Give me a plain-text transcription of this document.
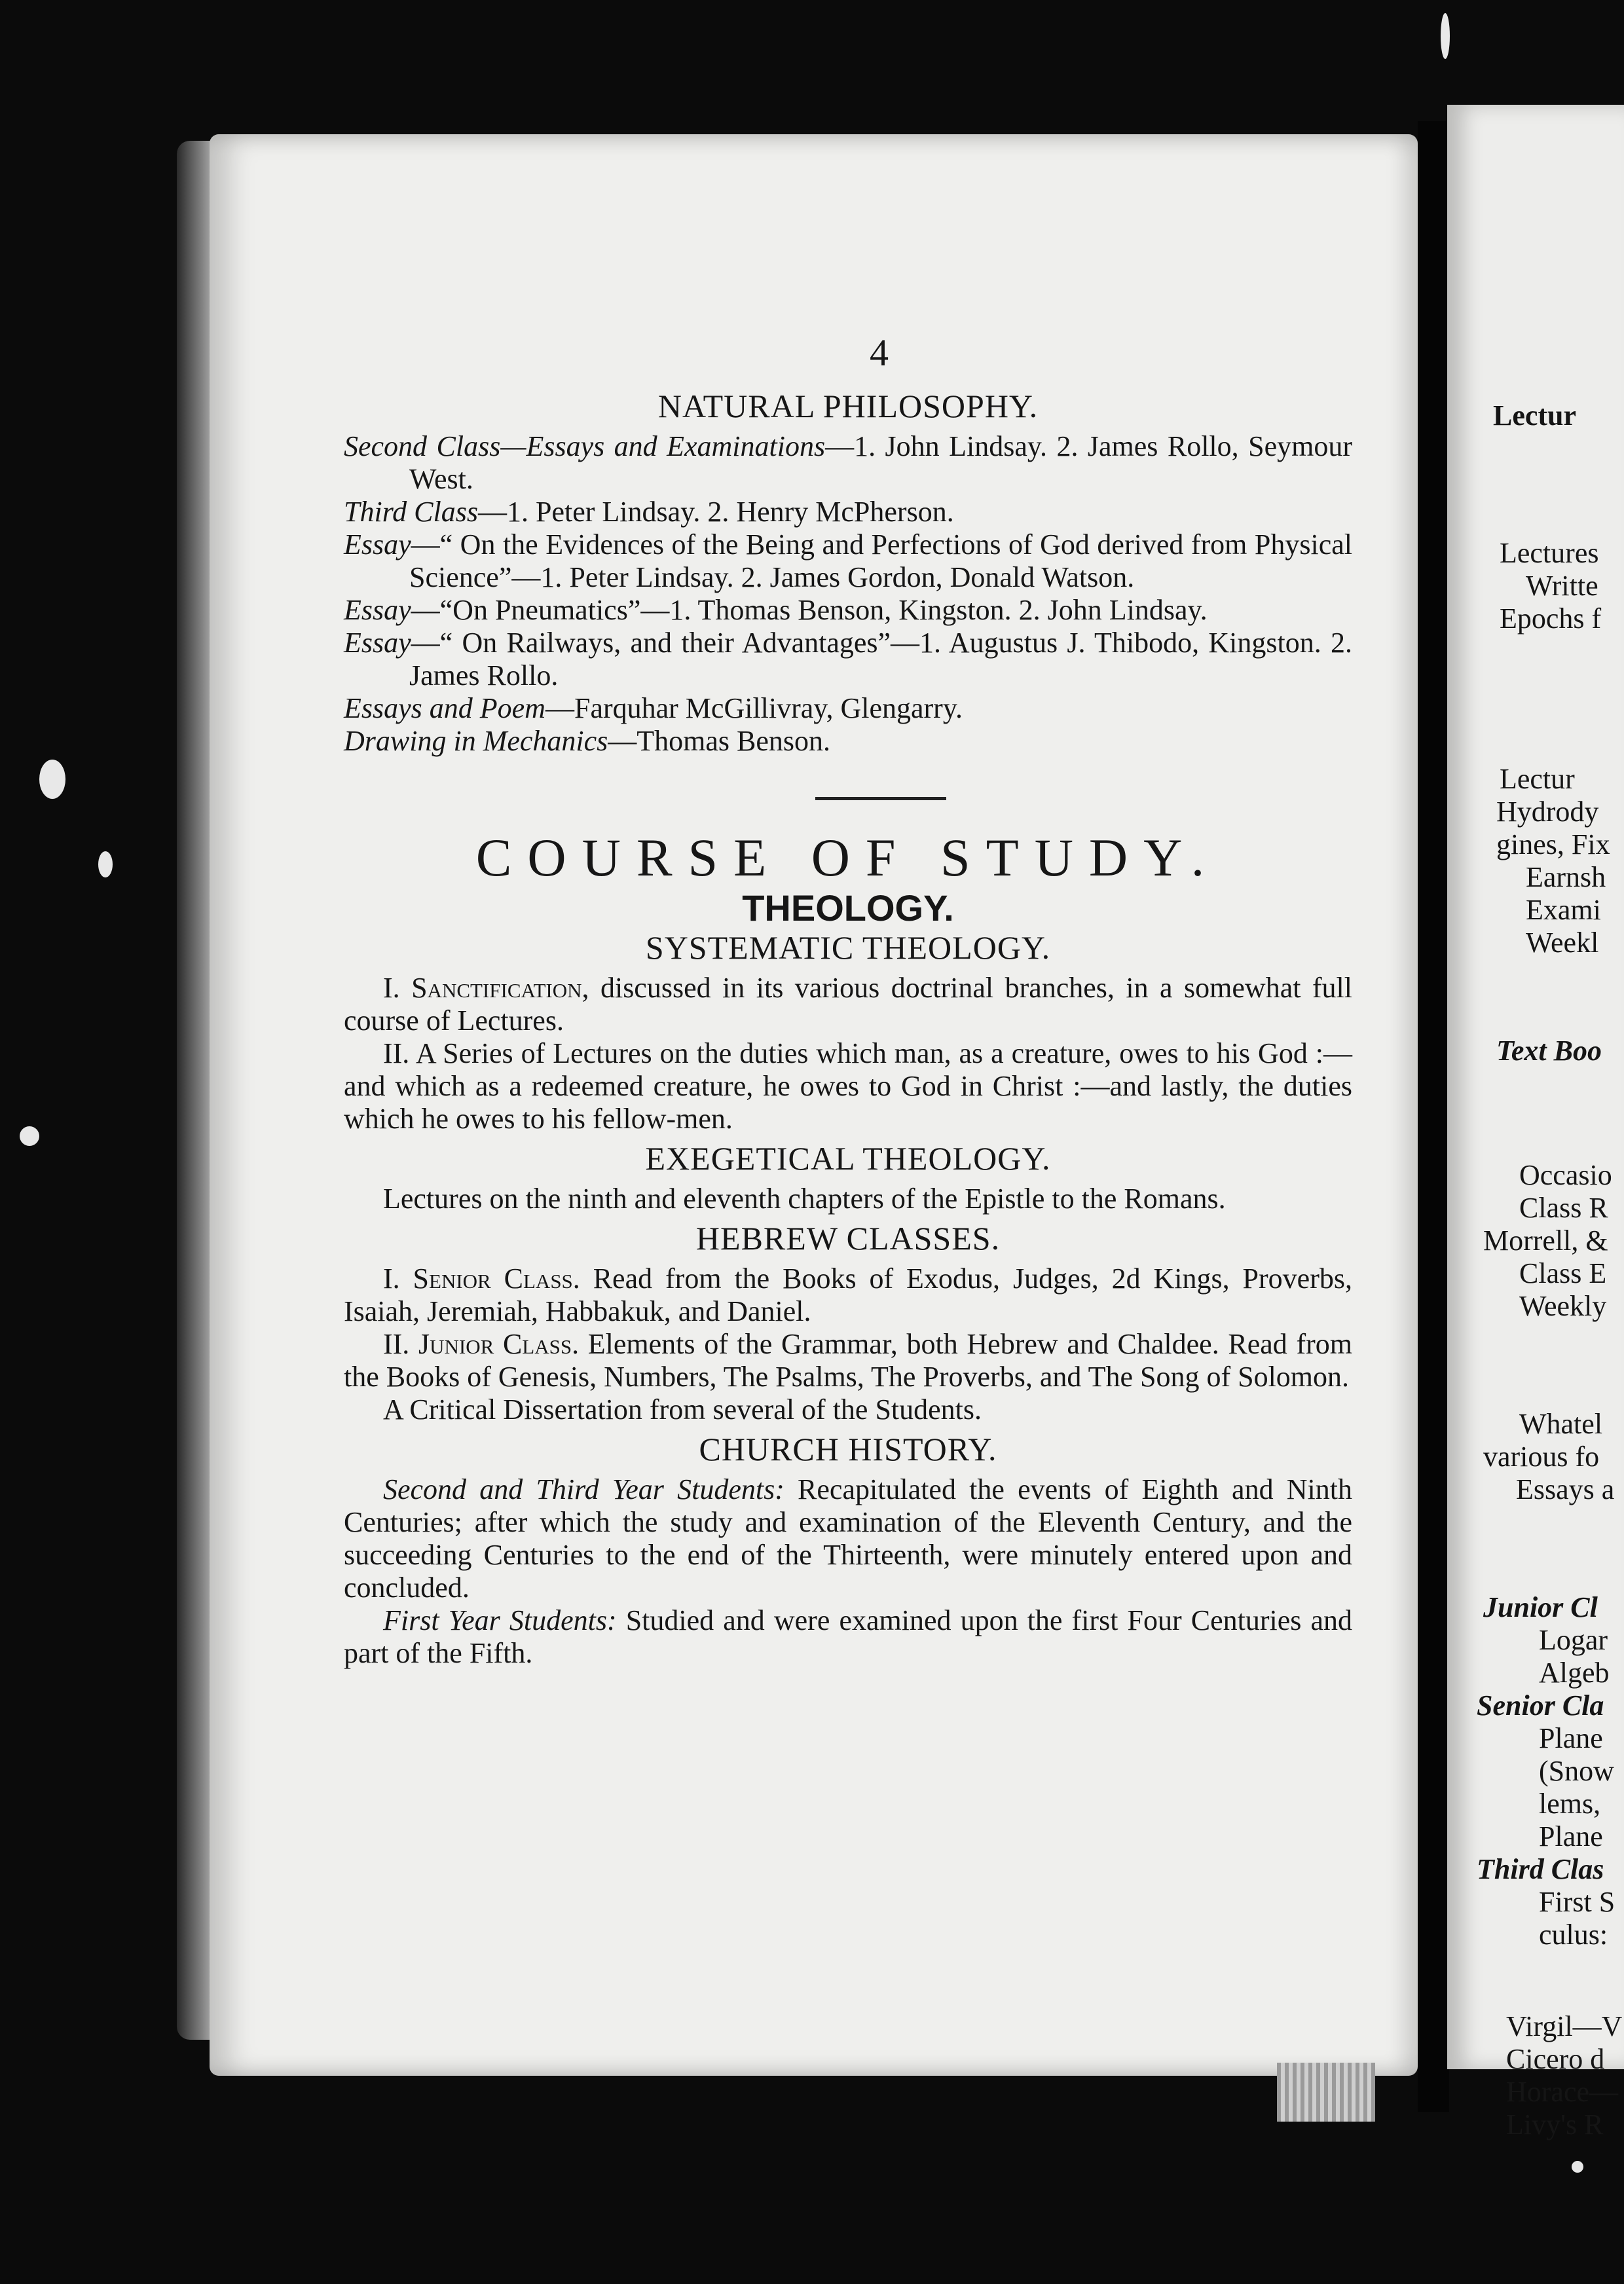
4
NATURAL PHILOSOPHY.

Second Class—Essays and Examinations—1. John Lindsay. 2. James Rollo, Seymour West.

Third Class—1. Peter Lindsay. 2. Henry McPherson.

Essay—“ On the Evidences of the Being and Perfections of God derived from Physical Science”—1. Peter Lindsay. 2. James Gordon, Donald Watson.

Essay—“On Pneumatics”—1. Thomas Benson, Kingston. 2. John Lindsay.

Essay—“ On Railways, and their Advantages”—1. Augustus J. Thibodo, Kingston. 2. James Rollo.

Essays and Poem—Farquhar McGillivray, Glengarry.

Drawing in Mechanics—Thomas Benson.

COURSE OF STUDY.

THEOLOGY.
SYSTEMATIC THEOLOGY.

I. Sanctification, discussed in its various doctrinal branches, in a somewhat full course of Lectures.

II. A Series of Lectures on the duties which man, as a creature, owes to his God :—and which as a redeemed creature, he owes to God in Christ :—and lastly, the duties which he owes to his fellow-men.

EXEGETICAL THEOLOGY.

Lectures on the ninth and eleventh chapters of the Epistle to the Romans.

HEBREW CLASSES.

I. Senior Class. Read from the Books of Exodus, Judges, 2d Kings, Proverbs, Isaiah, Jeremiah, Habbakuk, and Daniel.

II. Junior Class. Elements of the Grammar, both Hebrew and Chaldee. Read from the Books of Genesis, Numbers, The Psalms, The Proverbs, and The Song of Solomon.

A Critical Dissertation from several of the Students.

CHURCH HISTORY.

Second and Third Year Students: Recapitulated the events of Eighth and Ninth Centuries; after which the study and examination of the Eleventh Century, and the succeeding Centuries to the end of the Thirteenth, were minutely entered upon and concluded.

First Year Students: Studied and were examined upon the first Four Centuries and part of the Fifth.

Lectur
Lectures
Writte
Epochs f
Lectur
Hydrody
gines, Fix
Earnsh
Exami
Weekl
Text Boo
Occasio
Class R
Morrell, &
Class E
Weekly
Whatel
various fo
Essays a
Junior Cl
Logar
Algeb
Senior Cla
Plane
(Snow
lems,
Plane
Third Clas
First S
culus:
Virgil—V
Cicero d
Horace—
Livy's R
